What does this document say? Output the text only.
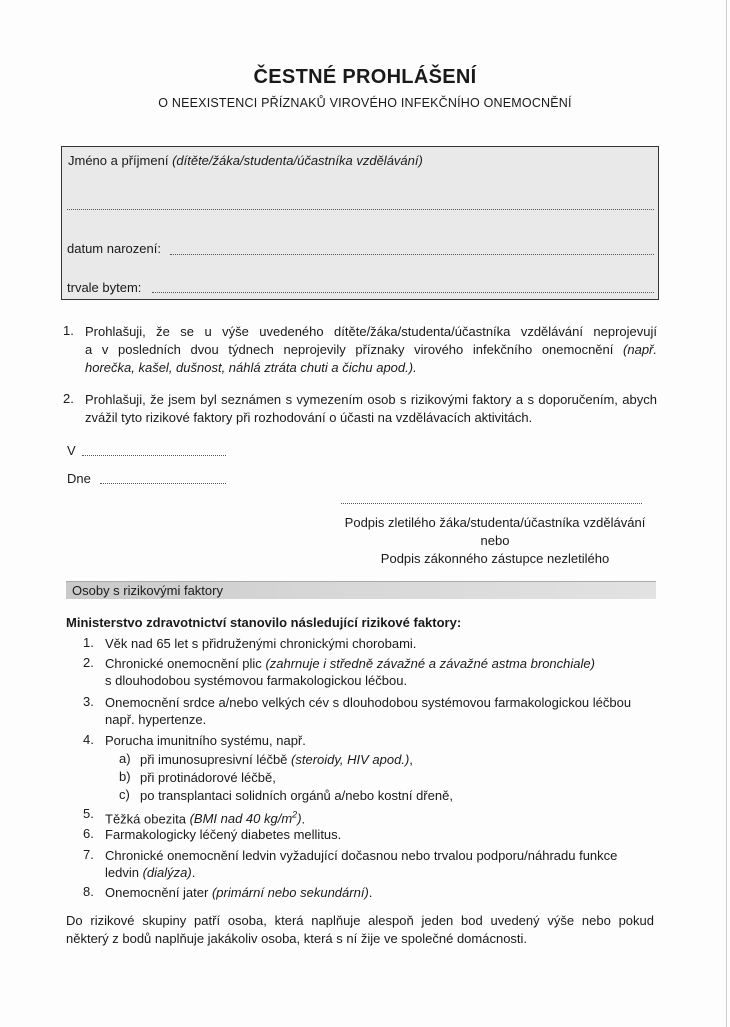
ČESTNÉ PROHLÁŠENÍ
O NEEXISTENCI PŘÍZNAKŮ VIROVÉHO INFEKČNÍHO ONEMOCNĚNÍ
Jméno a příjmení (dítěte/žáka/studenta/účastníka vzdělávání)
datum narození:
trvale bytem:
1. Prohlašuji, že se u výše uvedeného dítěte/žáka/studenta/účastníka vzdělávání neprojevují
a v posledních dvou týdnech neprojevily příznaky virového infekčního onemocnění (např.
horečka, kašel, dušnost, náhlá ztráta chuti a čichu apod.).
2. Prohlašuji, že jsem byl seznámen s vymezením osob s rizikovými faktory a s doporučením, abych
zvážil tyto rizikové faktory při rozhodování o účasti na vzdělávacích aktivitách.
V
Dne
Podpis zletilého žáka/studenta/účastníka vzdělávání
nebo
Podpis zákonného zástupce nezletilého
Osoby s rizikovými faktory
Ministerstvo zdravotnictví stanovilo následující rizikové faktory:
1. Věk nad 65 let s přidruženými chronickými chorobami.
2. Chronické onemocnění plic (zahrnuje i středně závažné a závažné astma bronchiale)
s dlouhodobou systémovou farmakologickou léčbou.
3. Onemocnění srdce a/nebo velkých cév s dlouhodobou systémovou farmakologickou léčbou
např. hypertenze.
4. Porucha imunitního systému, např.
a) při imunosupresivní léčbě (steroidy, HIV apod.),
b) při protinádorové léčbě,
c) po transplantaci solidních orgánů a/nebo kostní dřeně,
5. Těžká obezita (BMI nad 40 $kg/m^2$).
6. Farmakologicky léčený diabetes mellitus.
7. Chronické onemocnění ledvin vyžadující dočasnou nebo trvalou podporu/náhradu funkce
ledvin (dialýza).
8. Onemocnění jater (primární nebo sekundární).
Do rizikové skupiny patří osoba, která naplňuje alespoň jeden bod uvedený výše nebo pokud
některý z bodů naplňuje jakákoliv osoba, která s ní žije ve společné domácnosti.
